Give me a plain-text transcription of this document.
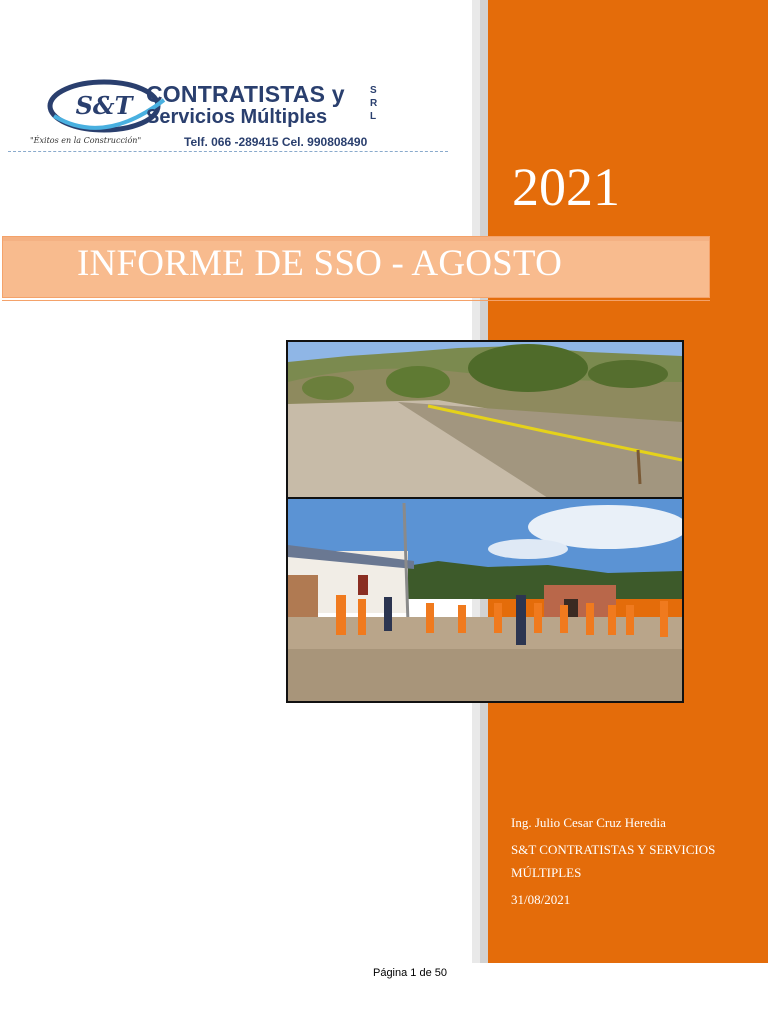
S&T CONTRATISTAS y
Servicios Múltiples
S
R
L
"Éxitos en la Construcción"	Telf. 066 -289415 Cel. 990808490
2021
INFORME DE SSO - AGOSTO
Ing. Julio Cesar Cruz Heredia
S&T CONTRATISTAS Y SERVICIOS MÚLTIPLES
31/08/2021
Página 1 de 50
